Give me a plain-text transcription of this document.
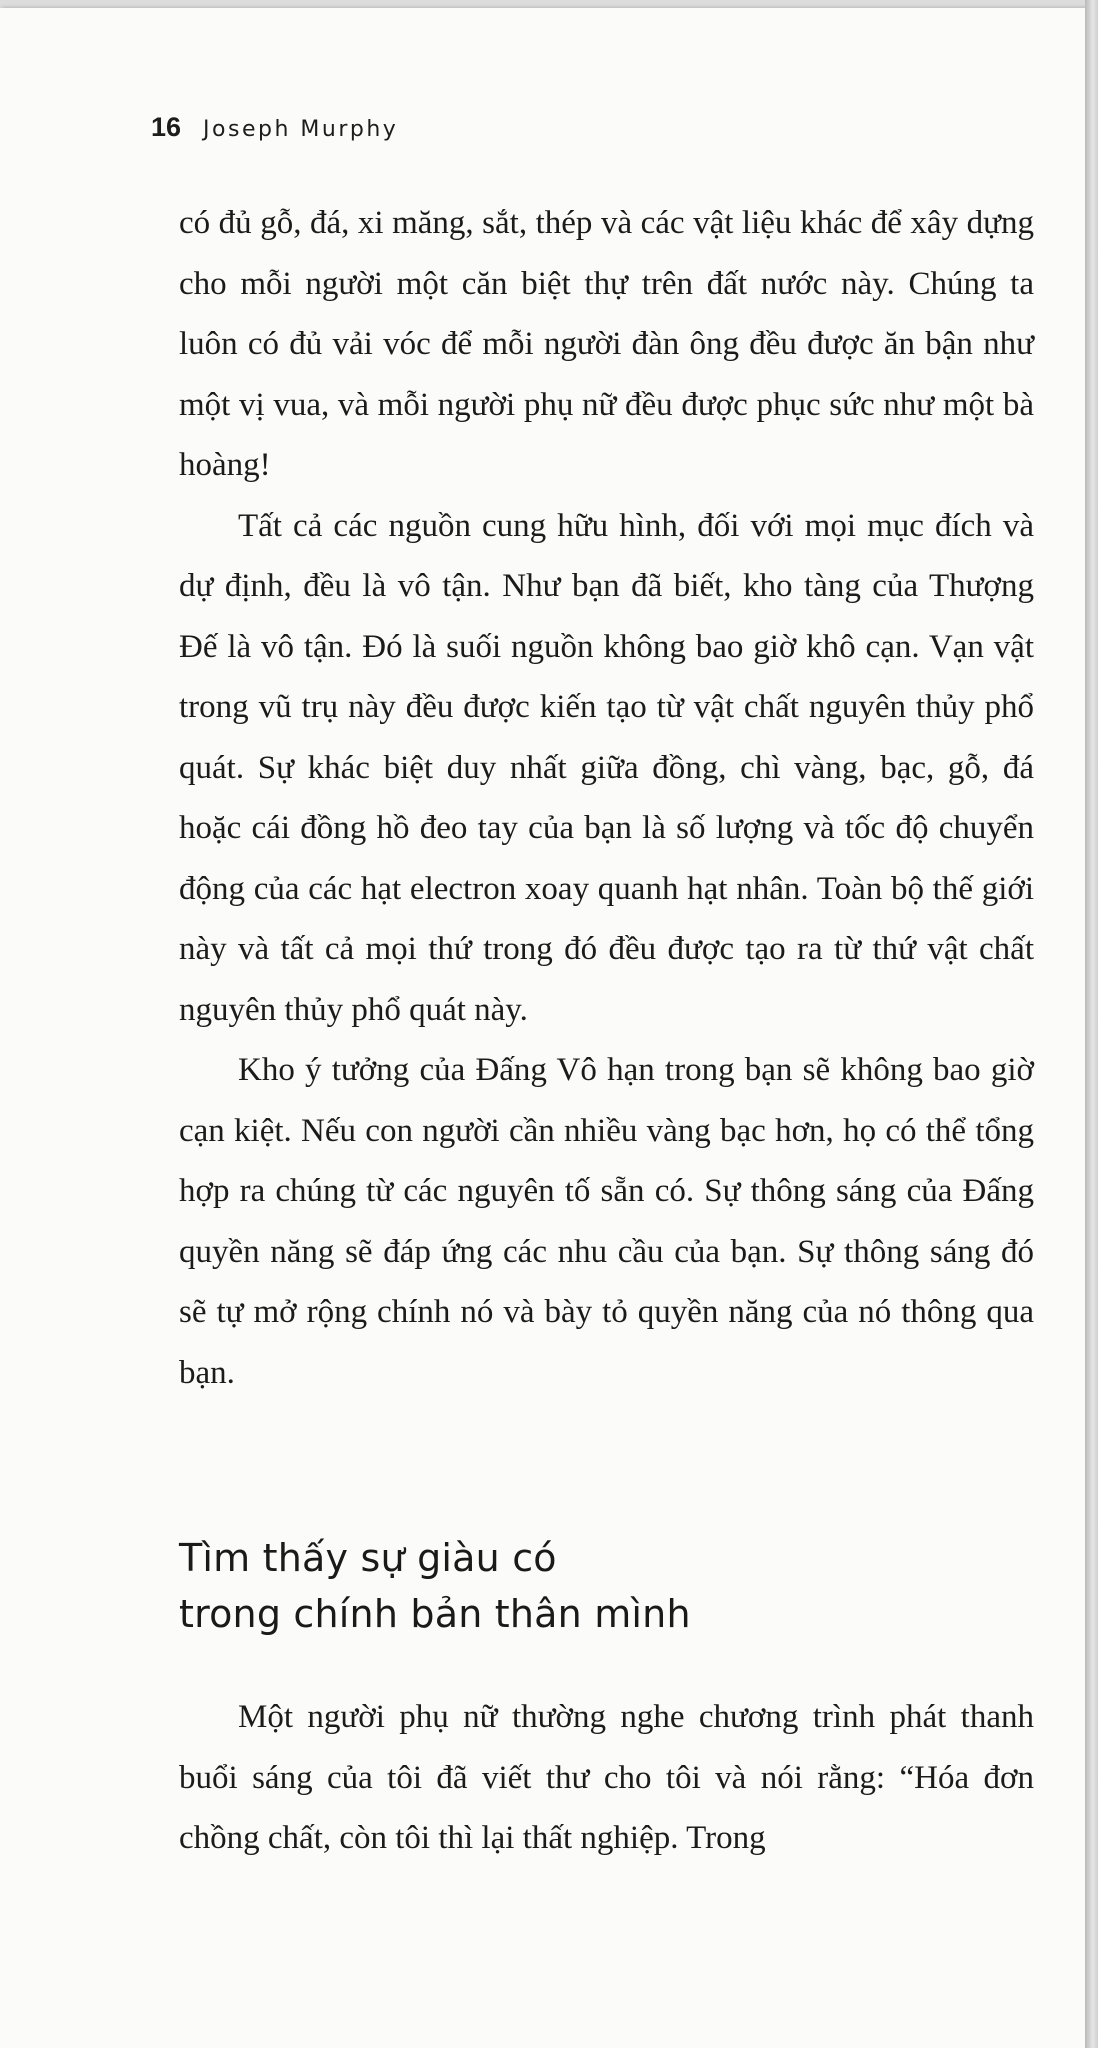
16 Joseph Murphy

có đủ gỗ, đá, xi măng, sắt, thép và các vật liệu khác để xây dựng cho mỗi người một căn biệt thự trên đất nước này. Chúng ta luôn có đủ vải vóc để mỗi người đàn ông đều được ăn bận như một vị vua, và mỗi người phụ nữ đều được phục sức như một bà hoàng!

Tất cả các nguồn cung hữu hình, đối với mọi mục đích và dự định, đều là vô tận. Như bạn đã biết, kho tàng của Thượng Đế là vô tận. Đó là suối nguồn không bao giờ khô cạn. Vạn vật trong vũ trụ này đều được kiến tạo từ vật chất nguyên thủy phổ quát. Sự khác biệt duy nhất giữa đồng, chì vàng, bạc, gỗ, đá hoặc cái đồng hồ đeo tay của bạn là số lượng và tốc độ chuyển động của các hạt electron xoay quanh hạt nhân. Toàn bộ thế giới này và tất cả mọi thứ trong đó đều được tạo ra từ thứ vật chất nguyên thủy phổ quát này.

Kho ý tưởng của Đấng Vô hạn trong bạn sẽ không bao giờ cạn kiệt. Nếu con người cần nhiều vàng bạc hơn, họ có thể tổng hợp ra chúng từ các nguyên tố sẵn có. Sự thông sáng của Đấng quyền năng sẽ đáp ứng các nhu cầu của bạn. Sự thông sáng đó sẽ tự mở rộng chính nó và bày tỏ quyền năng của nó thông qua bạn.

Tìm thấy sự giàu có
trong chính bản thân mình

Một người phụ nữ thường nghe chương trình phát thanh buổi sáng của tôi đã viết thư cho tôi và nói rằng: “Hóa đơn chồng chất, còn tôi thì lại thất nghiệp. Trong
